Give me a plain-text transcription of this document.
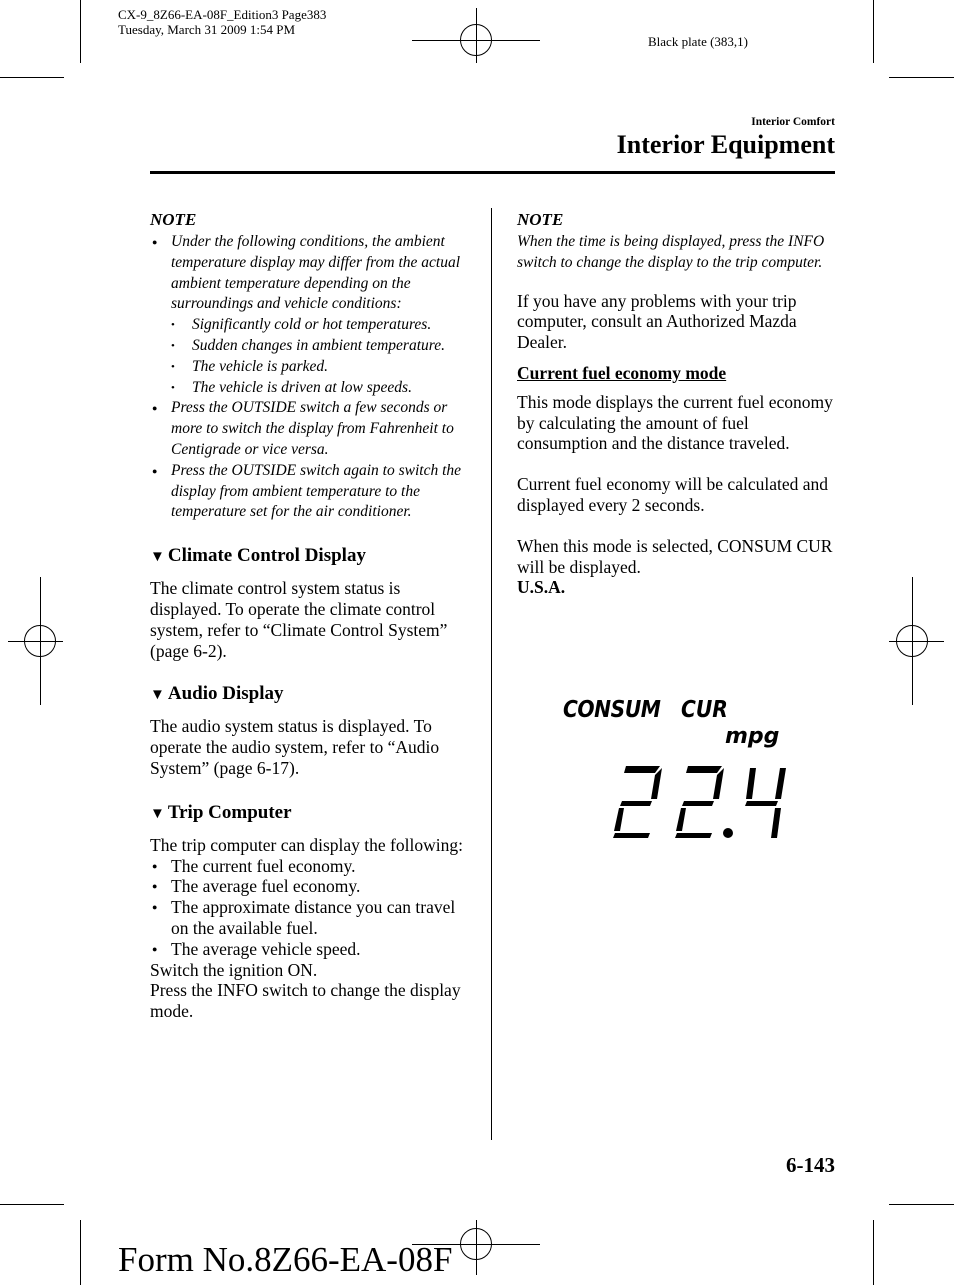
CX-9_8Z66-EA-08F_Edition3 Page383
Tuesday, March 31 2009 1:54 PM
Black plate (383,1)
Interior Comfort
Interior Equipment
NOTE
● Under the following conditions, the ambient temperature display may differ from the actual ambient temperature depending on the surroundings and vehicle conditions:
• Significantly cold or hot temperatures.
• Sudden changes in ambient temperature.
• The vehicle is parked.
• The vehicle is driven at low speeds.
● Press the OUTSIDE switch a few seconds or more to switch the display from Fahrenheit to Centigrade or vice versa.
● Press the OUTSIDE switch again to switch the display from ambient temperature to the temperature set for the air conditioner.
▼ Climate Control Display
The climate control system status is displayed. To operate the climate control system, refer to “Climate Control System” (page 6-2).
▼ Audio Display
The audio system status is displayed. To operate the audio system, refer to “Audio System” (page 6-17).
▼ Trip Computer
The trip computer can display the following:
● The current fuel economy.
● The average fuel economy.
● The approximate distance you can travel on the available fuel.
● The average vehicle speed.
Switch the ignition ON.
Press the INFO switch to change the display mode.
NOTE
When the time is being displayed, press the INFO switch to change the display to the trip computer.
If you have any problems with your trip computer, consult an Authorized Mazda Dealer.
Current fuel economy mode
This mode displays the current fuel economy by calculating the amount of fuel consumption and the distance traveled.
Current fuel economy will be calculated and displayed every 2 seconds.
When this mode is selected, CONSUM CUR will be displayed.
U.S.A.
CONSUM CUR
mpg
6-143
Form No.8Z66-EA-08F
